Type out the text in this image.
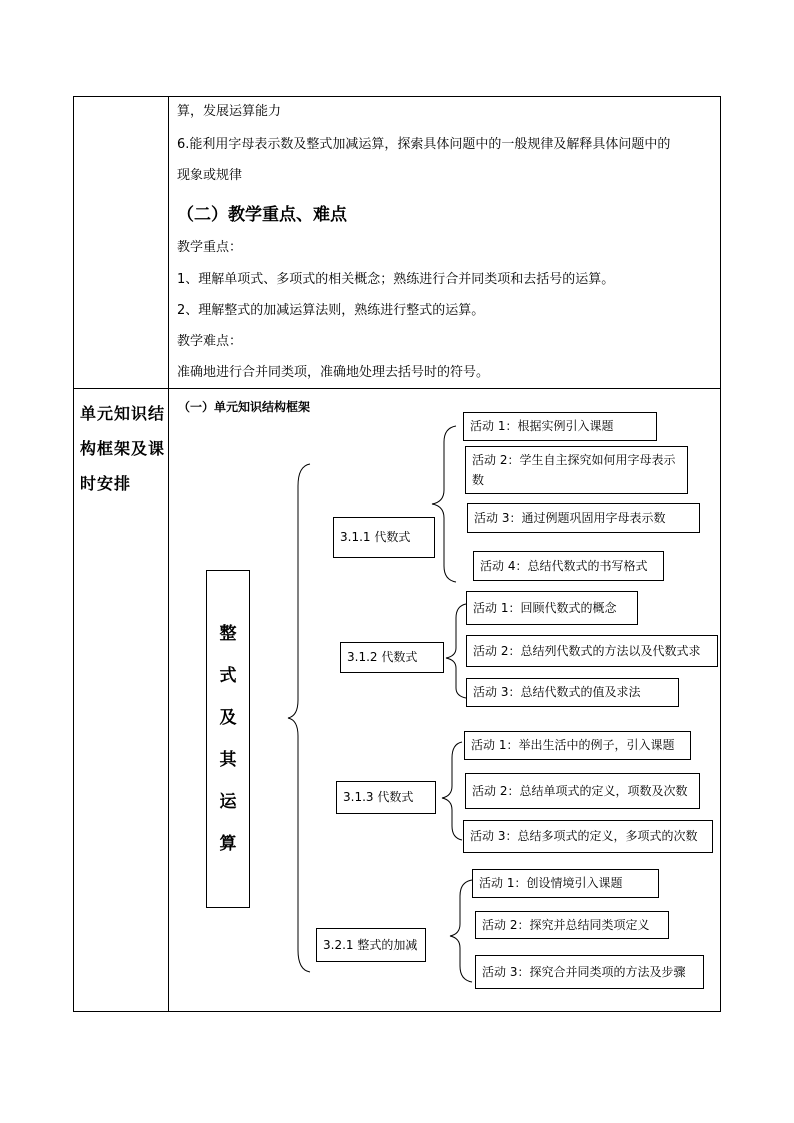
算，发展运算能力
6.能利用字母表示数及整式加减运算，探索具体问题中的一般规律及解释具体问题中的
现象或规律
（二）教学重点、难点
教学重点：
1、理解单项式、多项式的相关概念；熟练进行合并同类项和去括号的运算。
2、理解整式的加减运算法则，熟练进行整式的运算。
教学难点：
准确地进行合并同类项，准确地处理去括号时的符号。
单元知识结构框架及课时安排
（一）单元知识结构框架
整
式
及
其
运
算
3.1.1 代数式
3.1.2 代数式
3.1.3 代数式
3.2.1 整式的加减
活动 1：根据实例引入课题
活动 2：学生自主探究如何用字母表示数
活动 3：通过例题巩固用字母表示数
活动 4：总结代数式的书写格式
活动 1：回顾代数式的概念
活动 2：总结列代数式的方法以及代数式求
活动 3：总结代数式的值及求法
活动 1：举出生活中的例子，引入课题
活动 2：总结单项式的定义，项数及次数
活动 3：总结多项式的定义，多项式的次数
活动 1：创设情境引入课题
活动 2：探究并总结同类项定义
活动 3：探究合并同类项的方法及步骤
